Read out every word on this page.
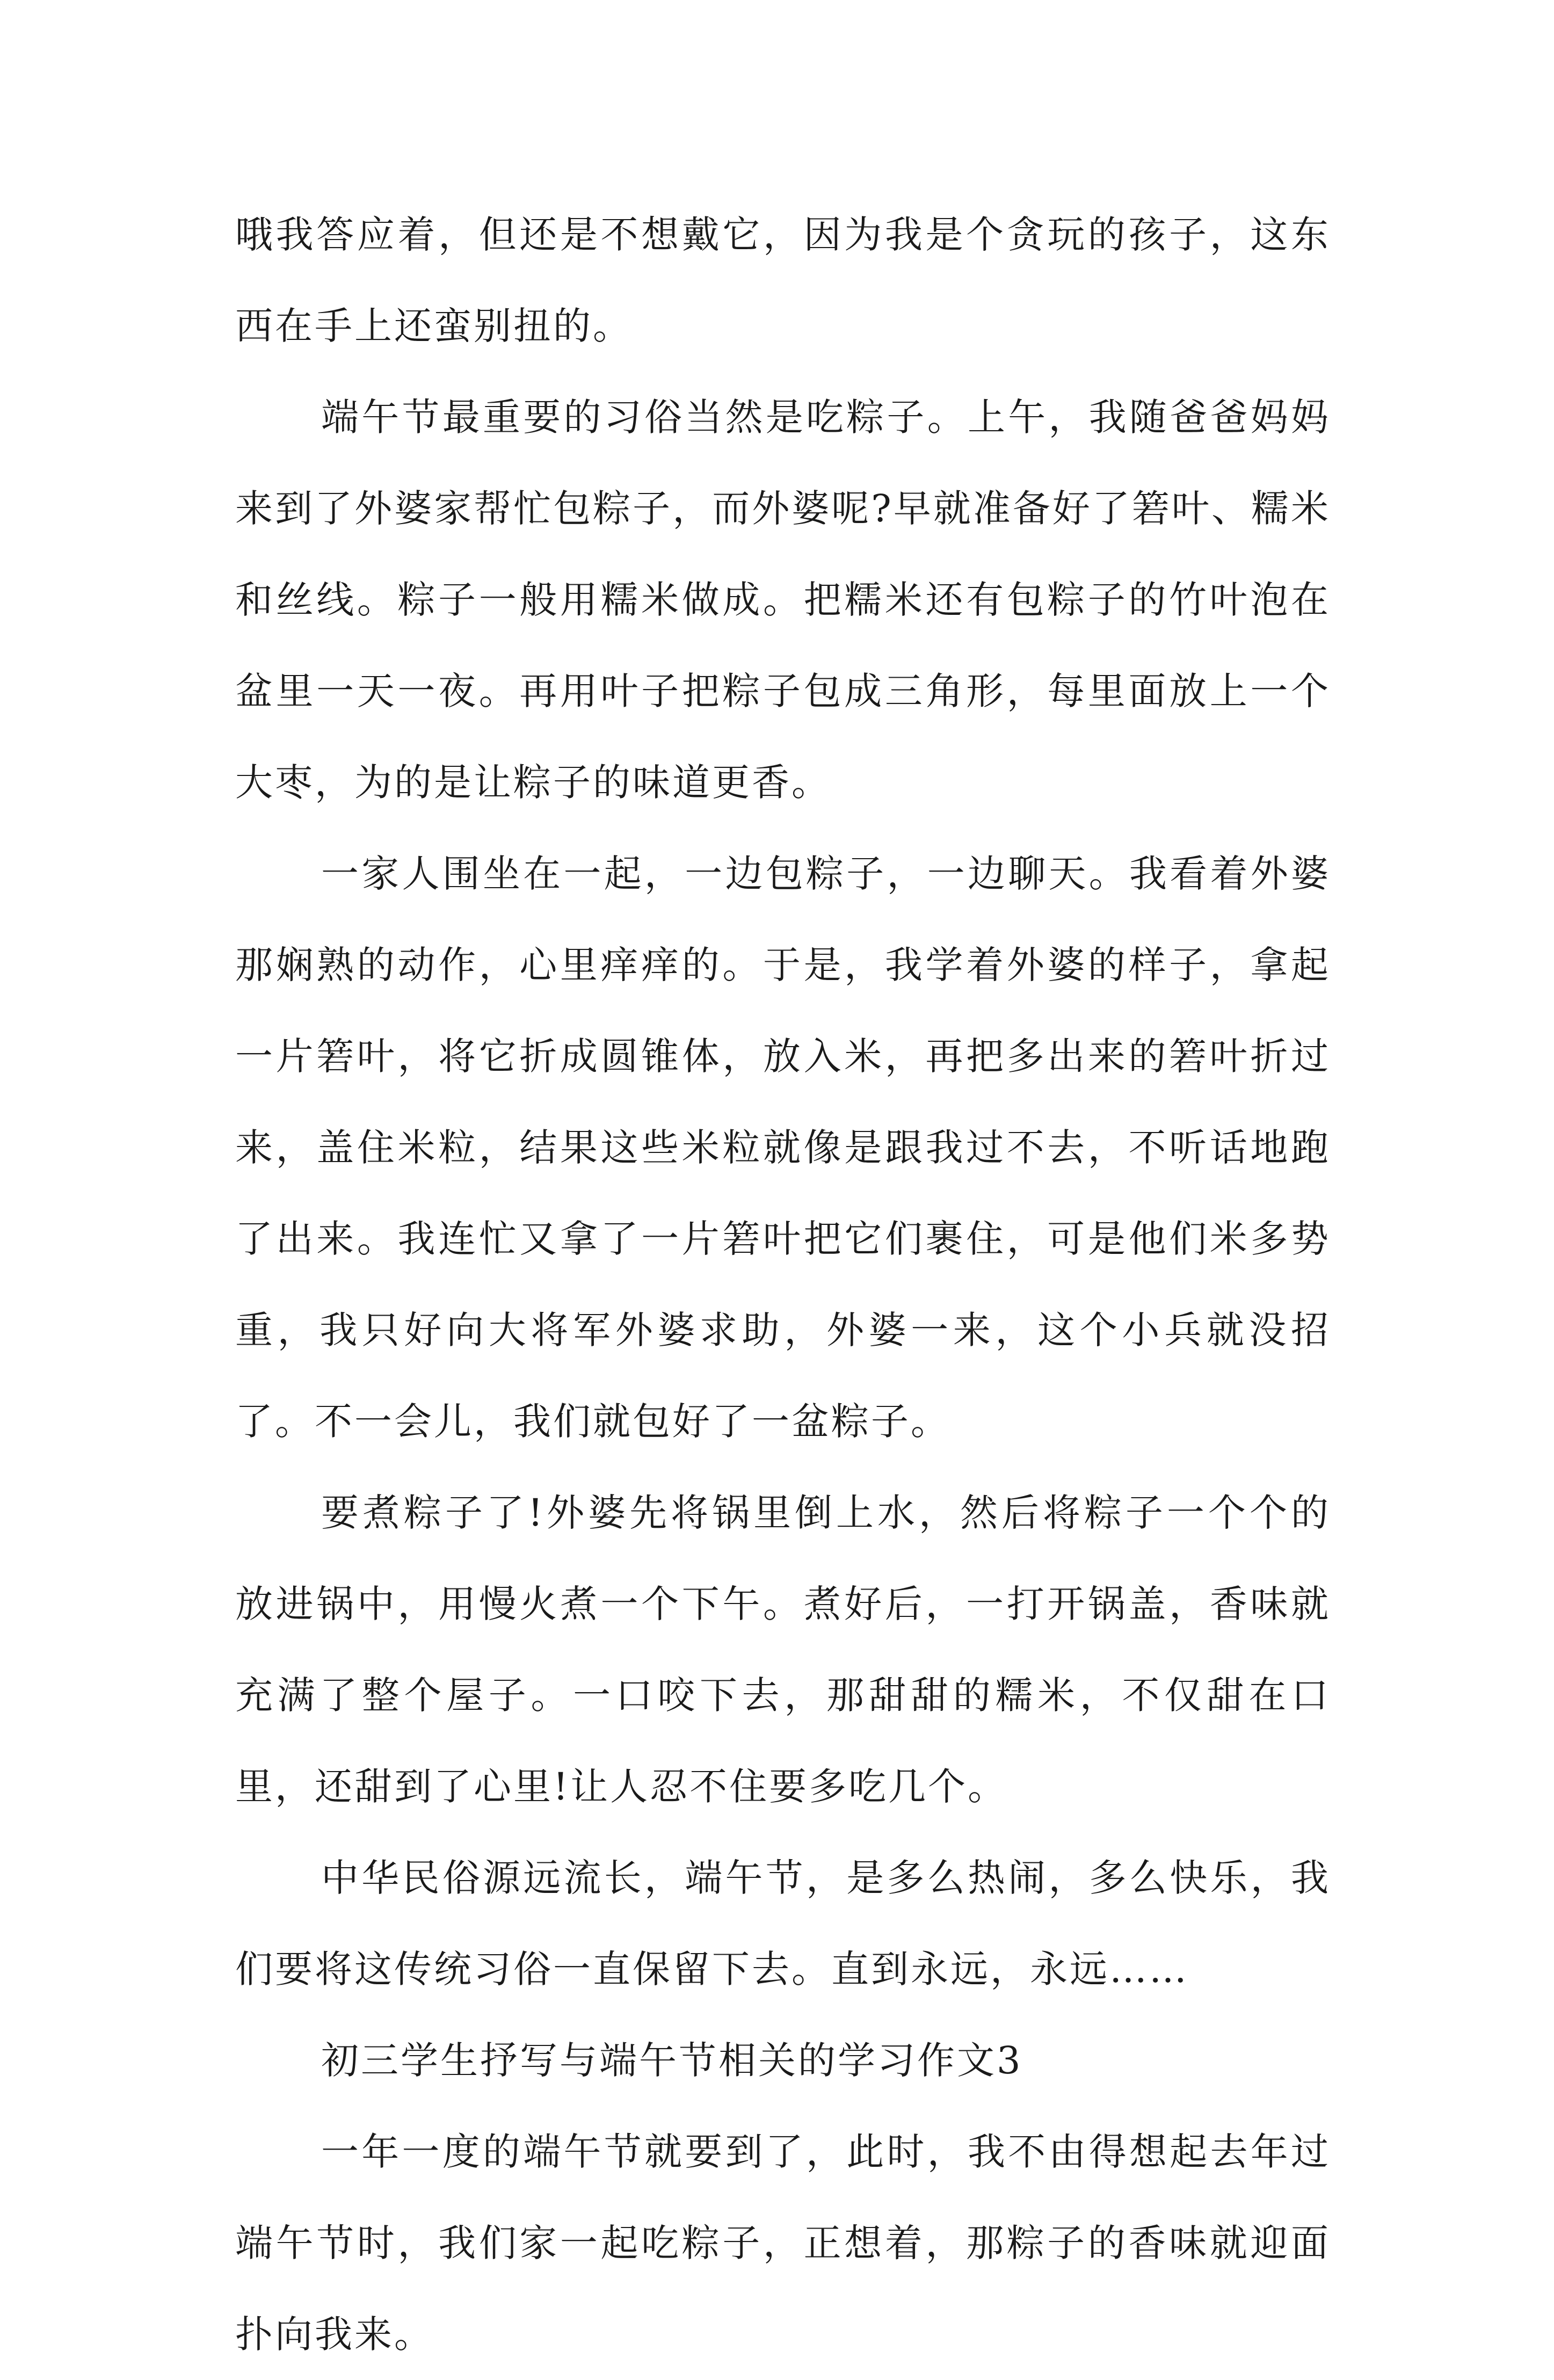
哦我答应着，但还是不想戴它，因为我是个贪玩的孩子，这东西在手上还蛮别扭的。

端午节最重要的习俗当然是吃粽子。上午，我随爸爸妈妈来到了外婆家帮忙包粽子，而外婆呢?早就准备好了箬叶、糯米和丝线。粽子一般用糯米做成。把糯米还有包粽子的竹叶泡在盆里一天一夜。再用叶子把粽子包成三角形，每里面放上一个大枣，为的是让粽子的味道更香。

一家人围坐在一起，一边包粽子，一边聊天。我看着外婆那娴熟的动作，心里痒痒的。于是，我学着外婆的样子，拿起一片箬叶，将它折成圆锥体，放入米，再把多出来的箬叶折过来，盖住米粒，结果这些米粒就像是跟我过不去，不听话地跑了出来。我连忙又拿了一片箬叶把它们裹住，可是他们米多势重，我只好向大将军外婆求助，外婆一来，这个小兵就没招了。不一会儿，我们就包好了一盆粽子。

要煮粽子了!外婆先将锅里倒上水，然后将粽子一个个的放进锅中，用慢火煮一个下午。煮好后，一打开锅盖，香味就充满了整个屋子。一口咬下去，那甜甜的糯米，不仅甜在口里，还甜到了心里!让人忍不住要多吃几个。

中华民俗源远流长，端午节，是多么热闹，多么快乐，我们要将这传统习俗一直保留下去。直到永远，永远……

初三学生抒写与端午节相关的学习作文3

一年一度的端午节就要到了，此时，我不由得想起去年过端午节时，我们家一起吃粽子，正想着，那粽子的香味就迎面扑向我来。
